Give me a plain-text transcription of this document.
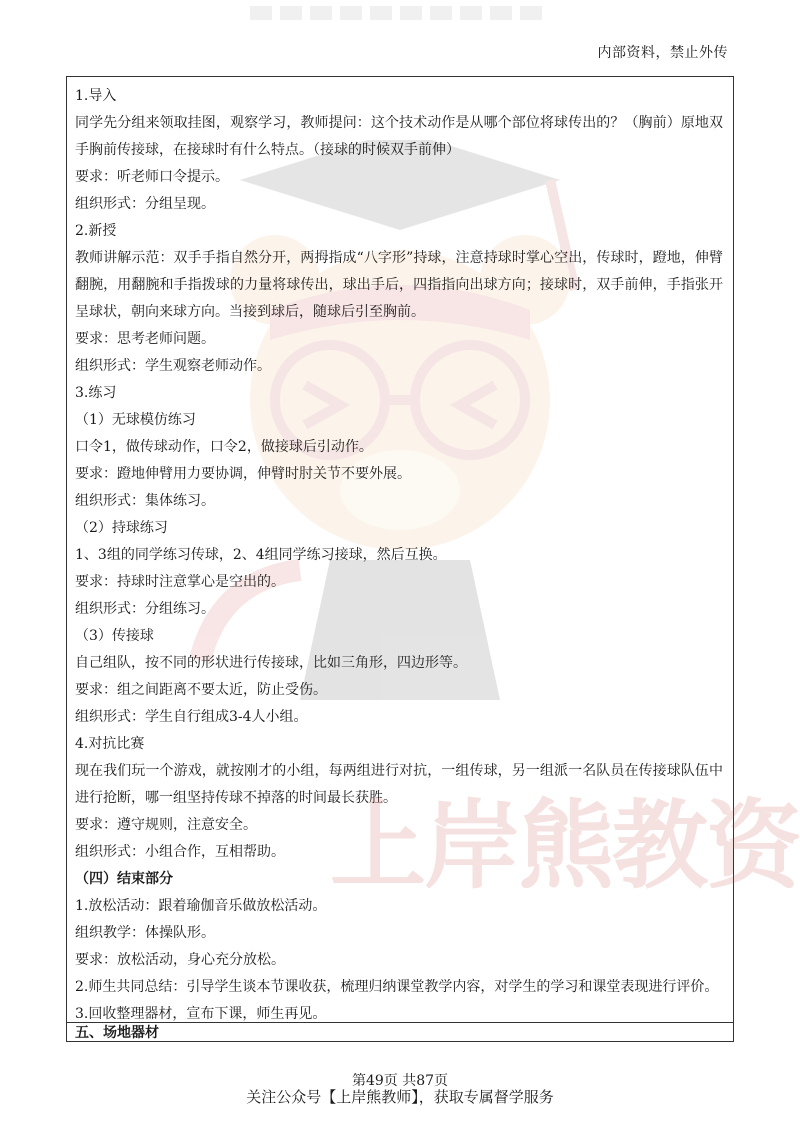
内部资料，禁止外传

1.导入

同学先分组来领取挂图，观察学习，教师提问：这个技术动作是从哪个部位将球传出的？（胸前）原地双手胸前传接球，在接球时有什么特点。（接球的时候双手前伸）

要求：听老师口令提示。

组织形式：分组呈现。

2.新授

教师讲解示范：双手手指自然分开，两拇指成“八字形”持球，注意持球时掌心空出，传球时，蹬地，伸臂翻腕，用翻腕和手指拨球的力量将球传出，球出手后，四指指向出球方向；接球时，双手前伸，手指张开呈球状，朝向来球方向。当接到球后，随球后引至胸前。

要求：思考老师问题。

组织形式：学生观察老师动作。

3.练习

（1）无球模仿练习

口令1，做传球动作，口令2，做接球后引动作。

要求：蹬地伸臂用力要协调，伸臂时肘关节不要外展。

组织形式：集体练习。

（2）持球练习

1、3组的同学练习传球，2、4组同学练习接球，然后互换。

要求：持球时注意掌心是空出的。

组织形式：分组练习。

（3）传接球

自己组队，按不同的形状进行传接球，比如三角形，四边形等。

要求：组之间距离不要太近，防止受伤。

组织形式：学生自行组成3-4人小组。

4.对抗比赛

现在我们玩一个游戏，就按刚才的小组，每两组进行对抗，一组传球，另一组派一名队员在传接球队伍中进行抢断，哪一组坚持传球不掉落的时间最长获胜。

要求：遵守规则，注意安全。

组织形式：小组合作，互相帮助。

（四）结束部分

1.放松活动：跟着瑜伽音乐做放松活动。

组织教学：体操队形。

要求：放松活动，身心充分放松。

2.师生共同总结：引导学生谈本节课收获，梳理归纳课堂教学内容，对学生的学习和课堂表现进行评价。

3.回收整理器材，宣布下课，师生再见。

五、场地器材
上岸熊教资
第49页 共87页
关注公众号【上岸熊教师】，获取专属督学服务
